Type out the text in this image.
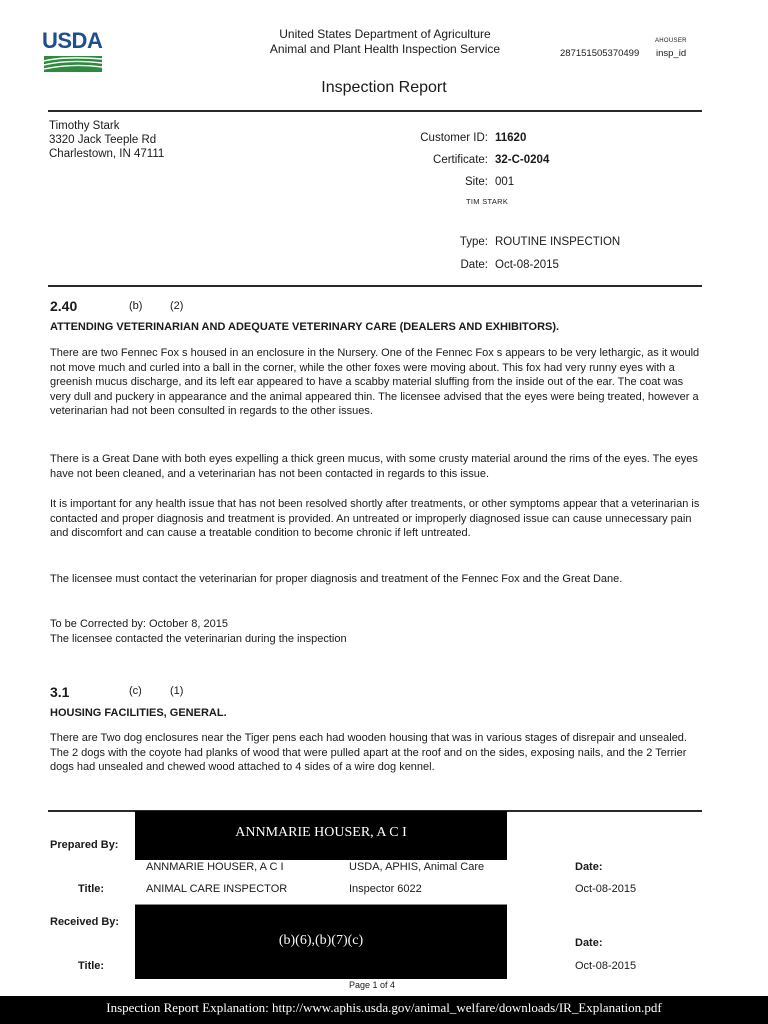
USDA	United States Department of Agriculture
Animal and Plant Health Inspection Service
AHOUSER
2871515053704​99 insp_id
Inspection Report
Timothy Stark
3320 Jack Teeple Rd
Charlestown, IN 47111
Customer ID: 11620
Certificate: 32-C-0204
Site: 001
TIM STARK
Type: ROUTINE INSPECTION
Date: Oct-08-2015
2.40	(b)	(2)
ATTENDING VETERINARIAN AND ADEQUATE VETERINARY CARE (DEALERS AND EXHIBITORS).

There are two Fennec Fox s housed in an enclosure in the Nursery. One of the Fennec Fox s appears to be very lethargic, as it would not move much and curled into a ball in the corner, while the other foxes were moving about. This fox had very runny eyes with a greenish mucus discharge, and its left ear appeared to have a scabby material sluffing from the inside out of the ear. The coat was very dull and puckery in appearance and the animal appeared thin. The licensee advised that the eyes were being treated, however a veterinarian had not been consulted in regards to the other issues.

There is a Great Dane with both eyes expelling a thick green mucus, with some crusty material around the rims of the eyes. The eyes have not been cleaned, and a veterinarian has not been contacted in regards to this issue.

It is important for any health issue that has not been resolved shortly after treatments, or other symptoms appear that a veterinarian is contacted and proper diagnosis and treatment is provided. An untreated or improperly diagnosed issue can cause unnecessary pain and discomfort and can cause a treatable condition to become chronic if left untreated.

The licensee must contact the veterinarian for proper diagnosis and treatment of the Fennec Fox and the Great Dane.

To be Corrected by: October 8, 2015
The licensee contacted the veterinarian during the inspection
3.1	(c)	(1)
HOUSING FACILITIES, GENERAL.

There are Two dog enclosures near the Tiger pens each had wooden housing that was in various stages of disrepair and unsealed. The 2 dogs with the coyote had planks of wood that were pulled apart at the roof and on the sides, exposing nails, and the 2 Terrier dogs had unsealed and chewed wood attached to 4 sides of a wire dog kennel.

ANNMARIE HOUSER, A C I
Prepared By:
ANNMARIE HOUSER, A C I	USDA, APHIS, Animal Care	Date:
Title:	ANIMAL CARE INSPECTOR	Inspector 6022	Oct-08-2015
Received By:
(b)(6),(b)(7)(c)	Date:
Title:	Oct-08-2015
Page 1 of 4
Inspection Report Explanation: http://www.aphis.usda.gov/animal_welfare/downloads/IR_Explanation.pdf
